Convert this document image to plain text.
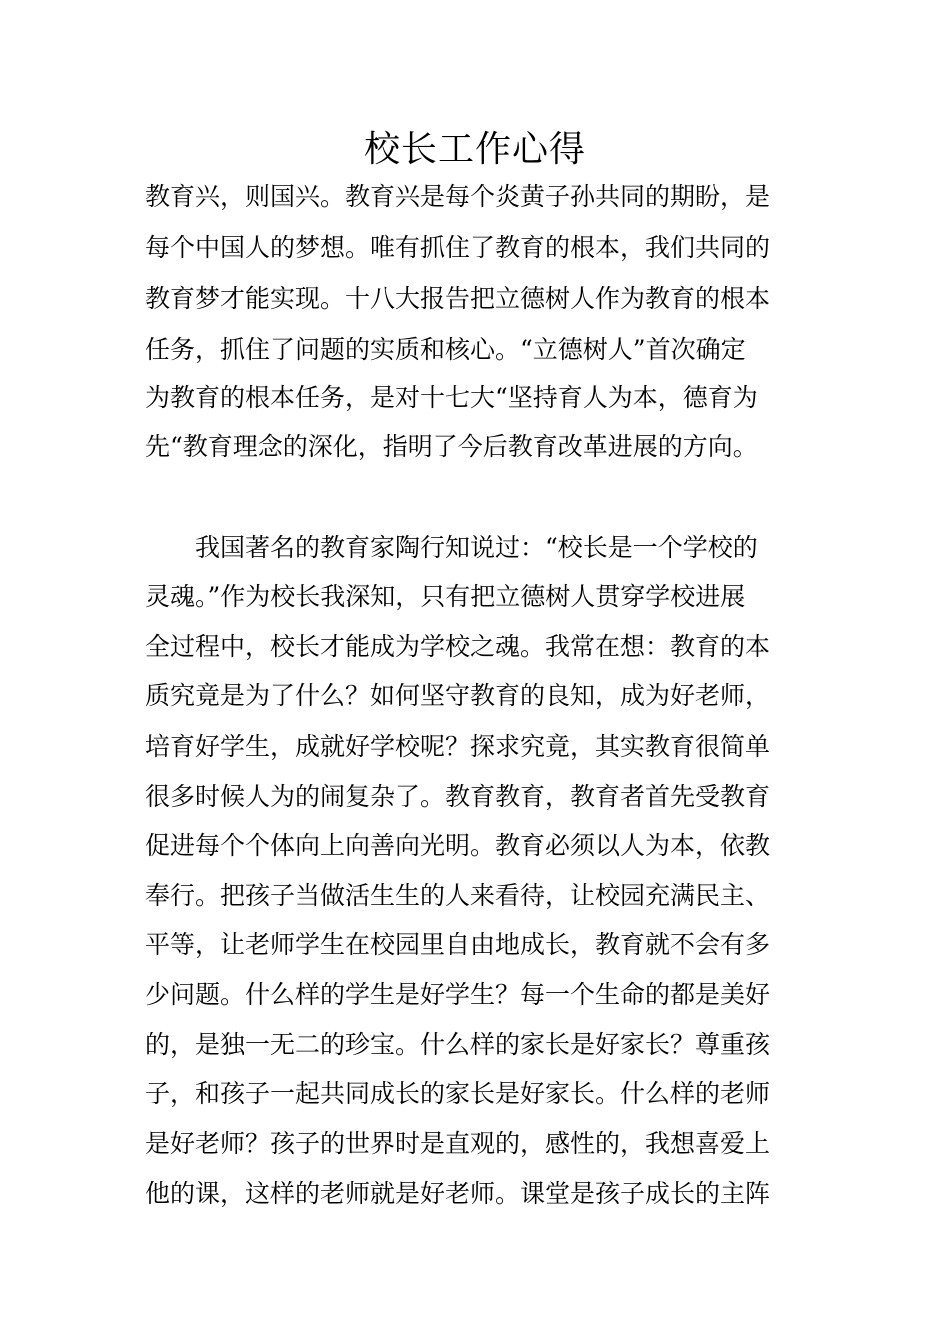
校长工作心得

教育兴，则国兴。教育兴是每个炎黄子孙共同的期盼，是

每个中国人的梦想。唯有抓住了教育的根本，我们共同的

教育梦才能实现。十八大报告把立德树人作为教育的根本

任务，抓住了问题的实质和核心。“立德树人”首次确定

为教育的根本任务，是对十七大“坚持育人为本，德育为

先“教育理念的深化，指明了今后教育改革进展的方向。

　　我国著名的教育家陶行知说过：“校长是一个学校的

灵魂。”作为校长我深知，只有把立德树人贯穿学校进展

全过程中，校长才能成为学校之魂。我常在想：教育的本

质究竟是为了什么？如何坚守教育的良知，成为好老师，

培育好学生，成就好学校呢？探求究竟，其实教育很简单

很多时候人为的闹复杂了。教育教育，教育者首先受教育

促进每个个体向上向善向光明。教育必须以人为本，依教

奉行。把孩子当做活生生的人来看待，让校园充满民主、

平等，让老师学生在校园里自由地成长，教育就不会有多

少问题。什么样的学生是好学生？每一个生命的都是美好

的，是独一无二的珍宝。什么样的家长是好家长？尊重孩

子，和孩子一起共同成长的家长是好家长。什么样的老师

是好老师？孩子的世界时是直观的，感性的，我想喜爱上

他的课，这样的老师就是好老师。课堂是孩子成长的主阵
